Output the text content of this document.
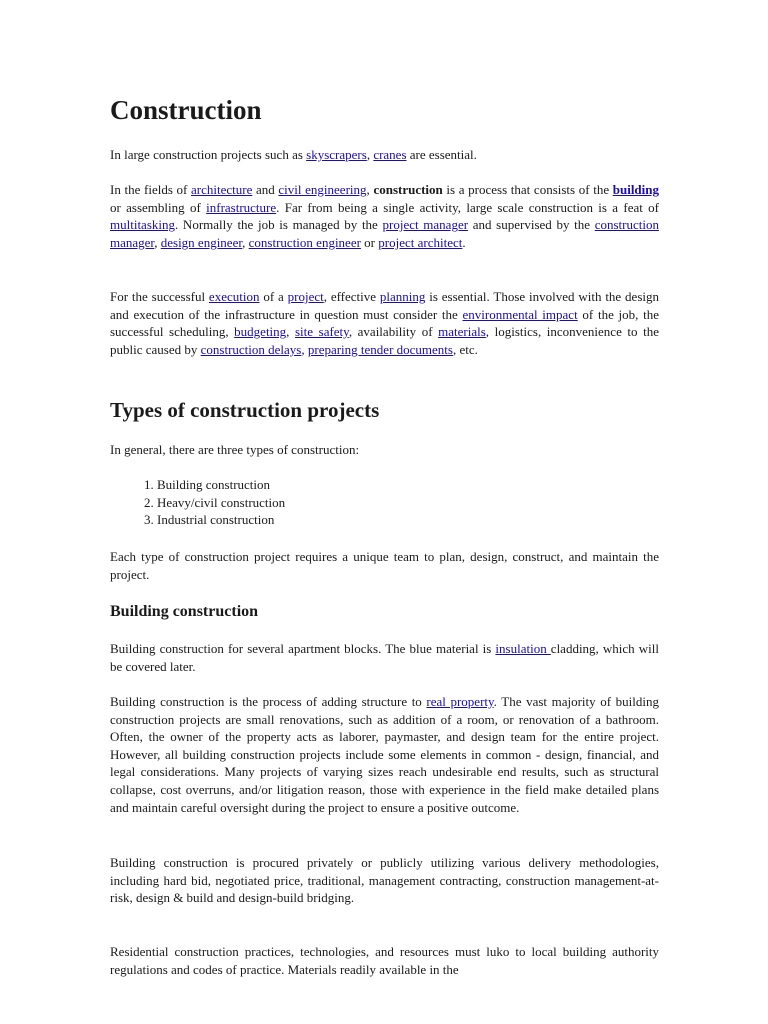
Construction

In large construction projects such as skyscrapers, cranes are essential.

In the fields of architecture and civil engineering, construction is a process that consists of the building or assembling of infrastructure. Far from being a single activity, large scale construction is a feat of multitasking. Normally the job is managed by the project manager and supervised by the construction manager, design engineer, construction engineer or project architect.

For the successful execution of a project, effective planning is essential. Those involved with the design and execution of the infrastructure in question must consider the environmental impact of the job, the successful scheduling, budgeting, site safety, availability of materials, logistics, inconvenience to the public caused by construction delays, preparing tender documents, etc.

Types of construction projects

In general, there are three types of construction:

1. Building construction
2. Heavy/civil construction
3. Industrial construction

Each type of construction project requires a unique team to plan, design, construct, and maintain the project.

Building construction

Building construction for several apartment blocks. The blue material is insulation cladding, which will be covered later.

Building construction is the process of adding structure to real property. The vast majority of building construction projects are small renovations, such as addition of a room, or renovation of a bathroom. Often, the owner of the property acts as laborer, paymaster, and design team for the entire project. However, all building construction projects include some elements in common - design, financial, and legal considerations. Many projects of varying sizes reach undesirable end results, such as structural collapse, cost overruns, and/or litigation reason, those with experience in the field make detailed plans and maintain careful oversight during the project to ensure a positive outcome.

Building construction is procured privately or publicly utilizing various delivery methodologies, including hard bid, negotiated price, traditional, management contracting, construction management-at-risk, design & build and design-build bridging.

Residential construction practices, technologies, and resources must luko to local building authority regulations and codes of practice. Materials readily available in the
